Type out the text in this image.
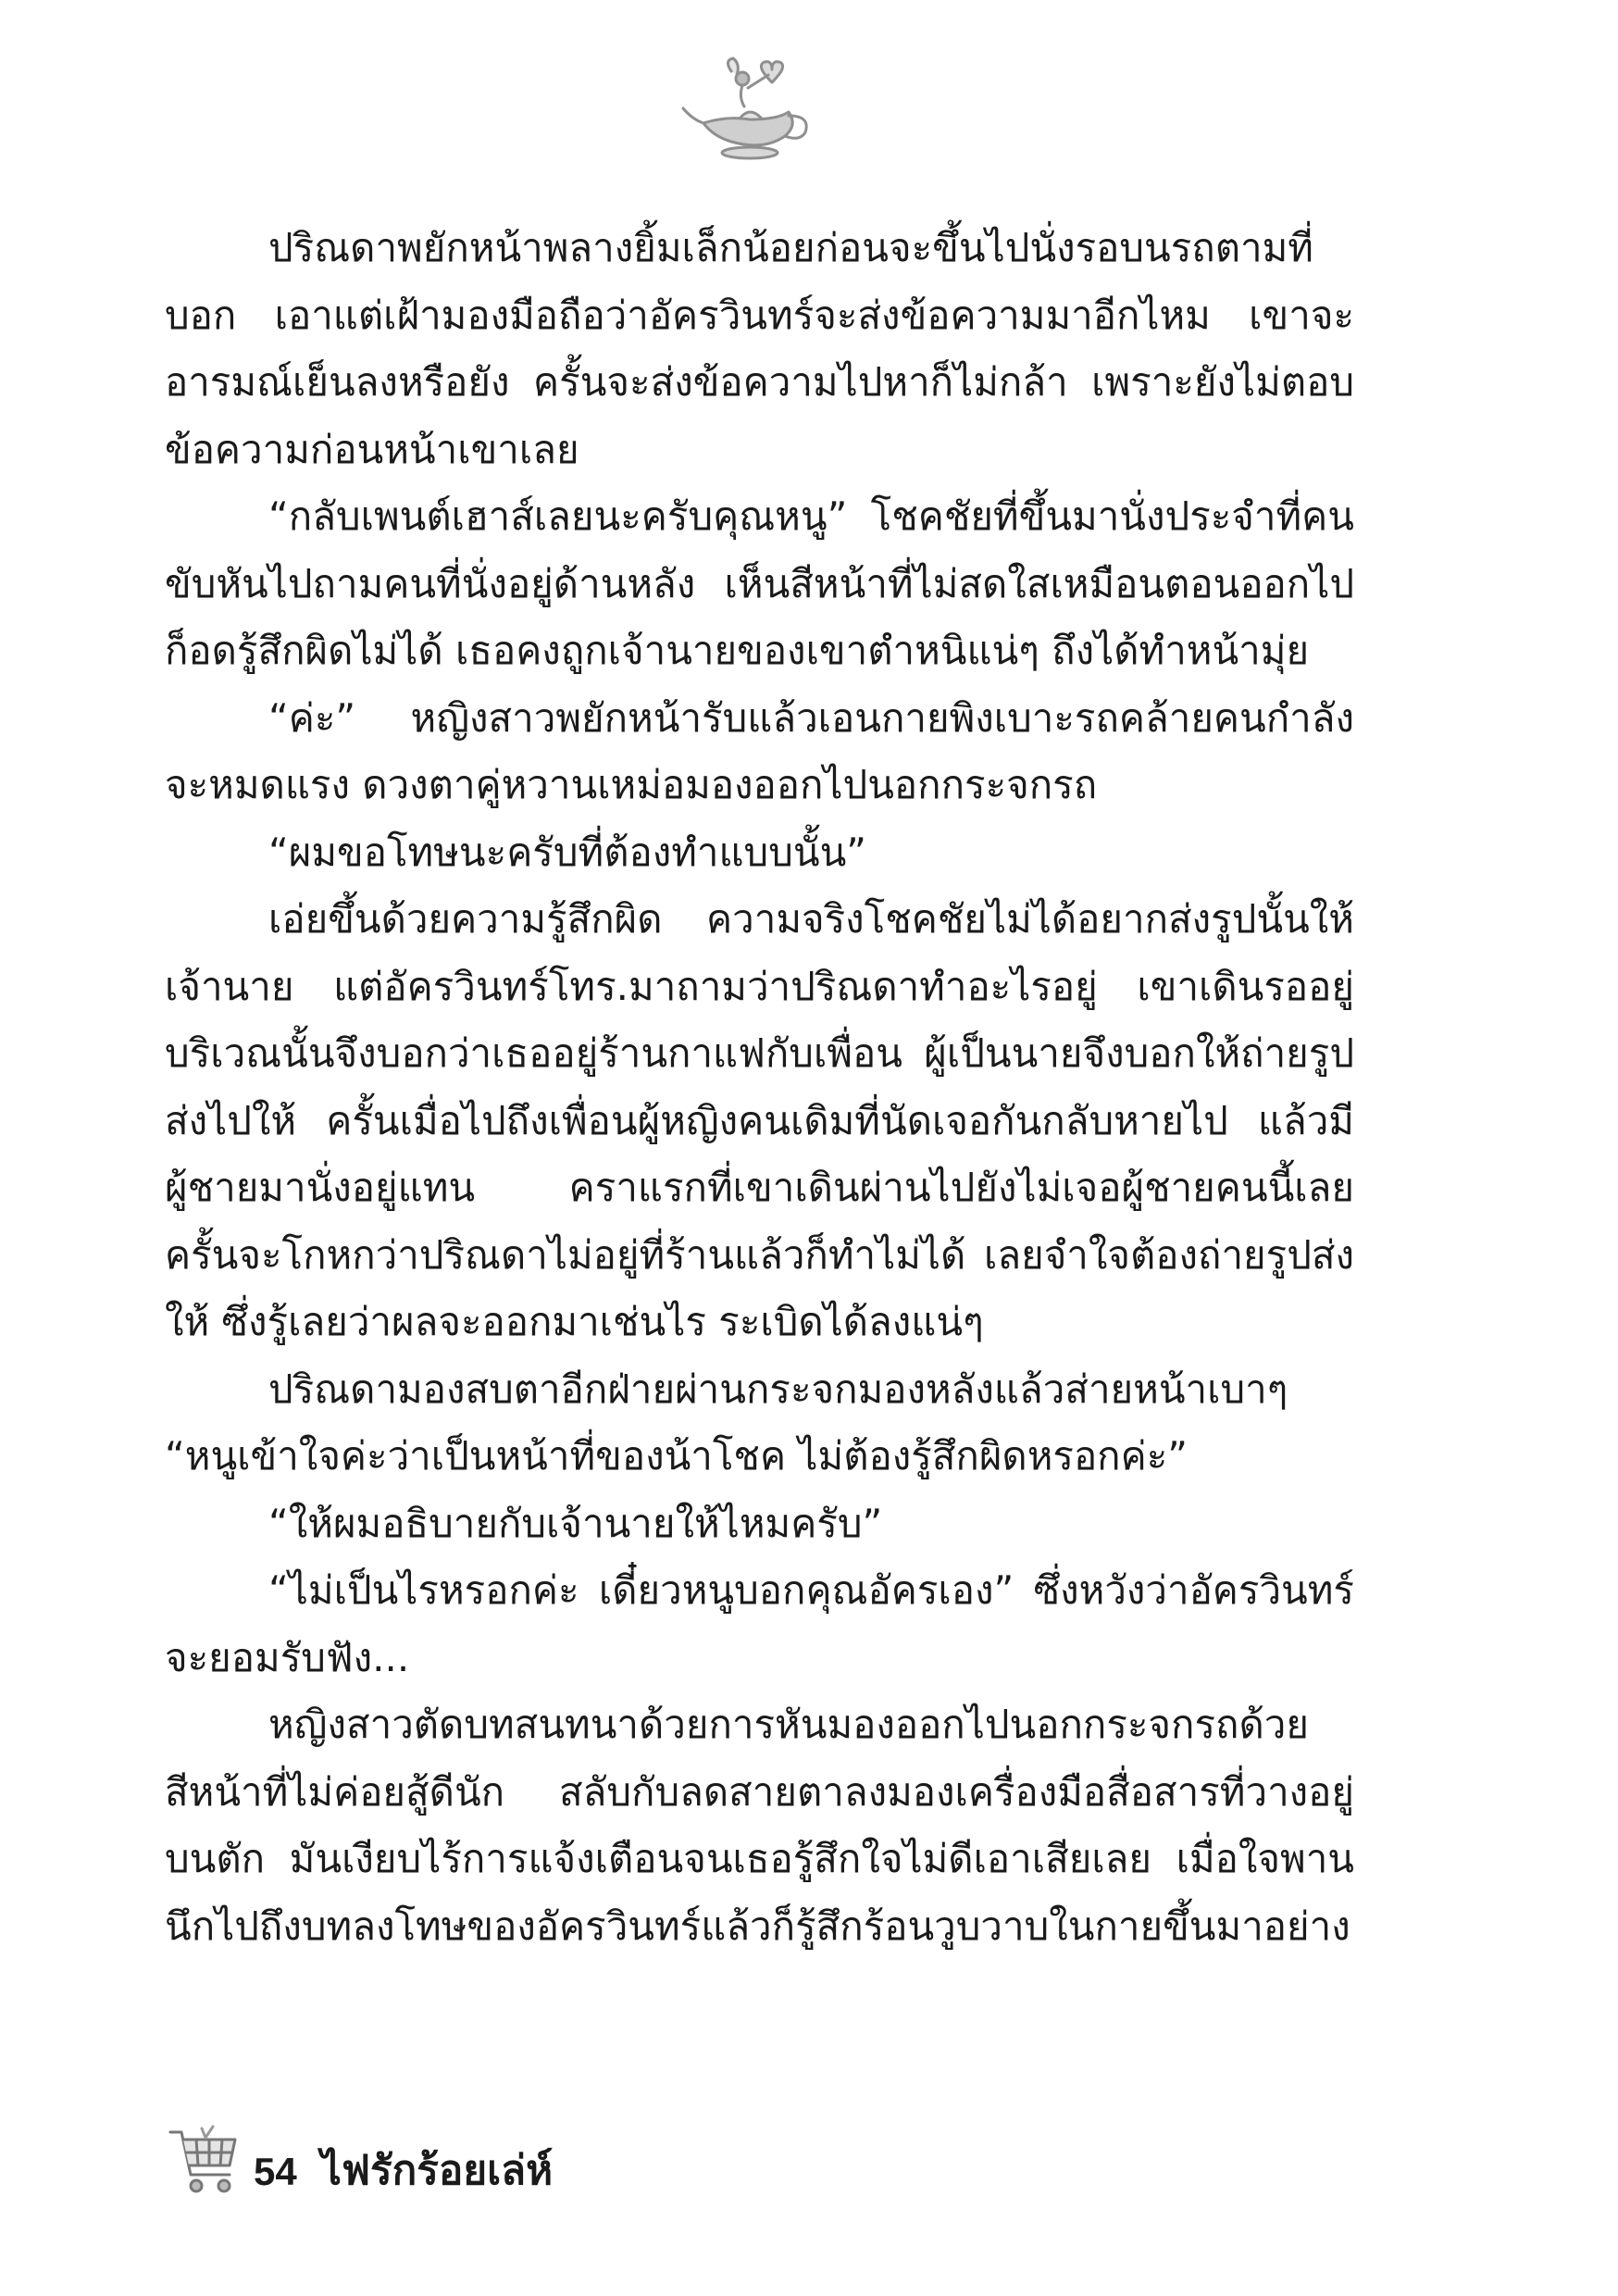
ปริณดาพยักหน้าพลางยิ้มเล็กน้อยก่อนจะขึ้นไปนั่งรอบนรถตามที่บอก เอาแต่เฝ้ามองมือถือว่าอัครวินทร์จะส่งข้อความมาอีกไหม เขาจะอารมณ์เย็นลงหรือยัง ครั้นจะส่งข้อความไปหาก็ไม่กล้า เพราะยังไม่ตอบข้อความก่อนหน้าเขาเลย

“กลับเพนต์เฮาส์เลยนะครับคุณหนู” โชคชัยที่ขึ้นมานั่งประจำที่คนขับหันไปถามคนที่นั่งอยู่ด้านหลัง เห็นสีหน้าที่ไม่สดใสเหมือนตอนออกไปก็อดรู้สึกผิดไม่ได้ เธอคงถูกเจ้านายของเขาตำหนิแน่ๆ ถึงได้ทำหน้ามุ่ย

“ค่ะ” หญิงสาวพยักหน้ารับแล้วเอนกายพิงเบาะรถคล้ายคนกำลังจะหมดแรง ดวงตาคู่หวานเหม่อมองออกไปนอกกระจกรถ

“ผมขอโทษนะครับที่ต้องทำแบบนั้น”

เอ่ยขึ้นด้วยความรู้สึกผิด ความจริงโชคชัยไม่ได้อยากส่งรูปนั้นให้เจ้านาย แต่อัครวินทร์โทร.มาถามว่าปริณดาทำอะไรอยู่ เขาเดินรออยู่บริเวณนั้นจึงบอกว่าเธออยู่ร้านกาแฟกับเพื่อน ผู้เป็นนายจึงบอกให้ถ่ายรูปส่งไปให้ ครั้นเมื่อไปถึงเพื่อนผู้หญิงคนเดิมที่นัดเจอกันกลับหายไป แล้วมีผู้ชายมานั่งอยู่แทน คราแรกที่เขาเดินผ่านไปยังไม่เจอผู้ชายคนนี้เลย ครั้นจะโกหกว่าปริณดาไม่อยู่ที่ร้านแล้วก็ทำไม่ได้ เลยจำใจต้องถ่ายรูปส่งให้ ซึ่งรู้เลยว่าผลจะออกมาเช่นไร ระเบิดได้ลงแน่ๆ

ปริณดามองสบตาอีกฝ่ายผ่านกระจกมองหลังแล้วส่ายหน้าเบาๆ

“หนูเข้าใจค่ะว่าเป็นหน้าที่ของน้าโชค ไม่ต้องรู้สึกผิดหรอกค่ะ”

“ให้ผมอธิบายกับเจ้านายให้ไหมครับ”

“ไม่เป็นไรหรอกค่ะ เดี๋ยวหนูบอกคุณอัครเอง” ซึ่งหวังว่าอัครวินทร์จะยอมรับฟัง...

หญิงสาวตัดบทสนทนาด้วยการหันมองออกไปนอกกระจกรถด้วยสีหน้าที่ไม่ค่อยสู้ดีนัก สลับกับลดสายตาลงมองเครื่องมือสื่อสารที่วางอยู่บนตัก มันเงียบไร้การแจ้งเตือนจนเธอรู้สึกใจไม่ดีเอาเสียเลย เมื่อใจพานนึกไปถึงบทลงโทษของอัครวินทร์แล้วก็รู้สึกร้อนวูบวาบในกายขึ้นมาอย่าง

54 ไฟรักร้อยเล่ห์
